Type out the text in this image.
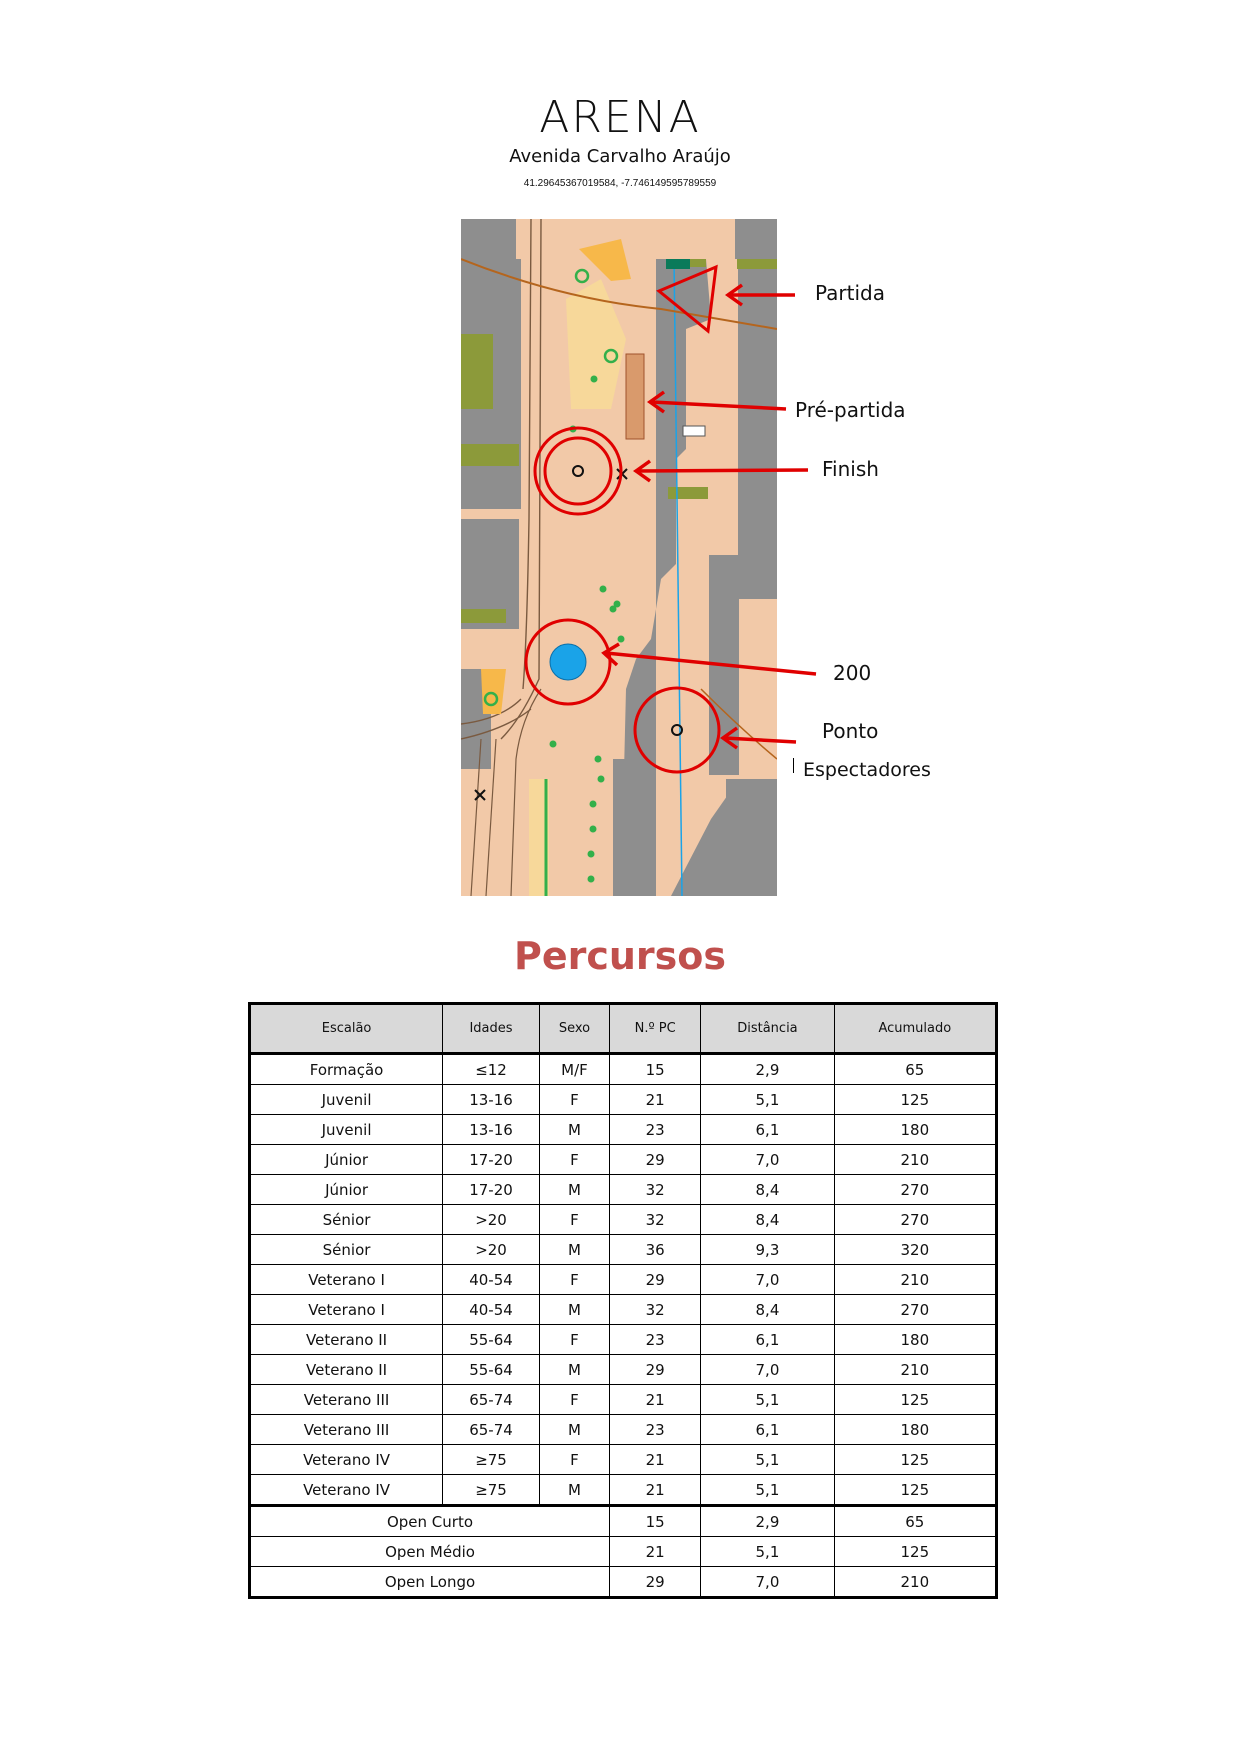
ARENA
Avenida Carvalho Araújo
41.29645367019584, -7.746149595789559
Partida
Pré-partida
Finish
200
Ponto
Espectadores
Percursos
Escalão	Idades	Sexo	N.º PC	Distância	Acumulado
Formação	≤12	M/F	15	2,9	65
Juvenil	13-16	F	21	5,1	125
Juvenil	13-16	M	23	6,1	180
Júnior	17-20	F	29	7,0	210
Júnior	17-20	M	32	8,4	270
Sénior	>20	F	32	8,4	270
Sénior	>20	M	36	9,3	320
Veterano I	40-54	F	29	7,0	210
Veterano I	40-54	M	32	8,4	270
Veterano II	55-64	F	23	6,1	180
Veterano II	55-64	M	29	7,0	210
Veterano III	65-74	F	21	5,1	125
Veterano III	65-74	M	23	6,1	180
Veterano IV	≥75	F	21	5,1	125
Veterano IV	≥75	M	21	5,1	125
Open Curto			15	2,9	65
Open Médio			21	5,1	125
Open Longo			29	7,0	210
